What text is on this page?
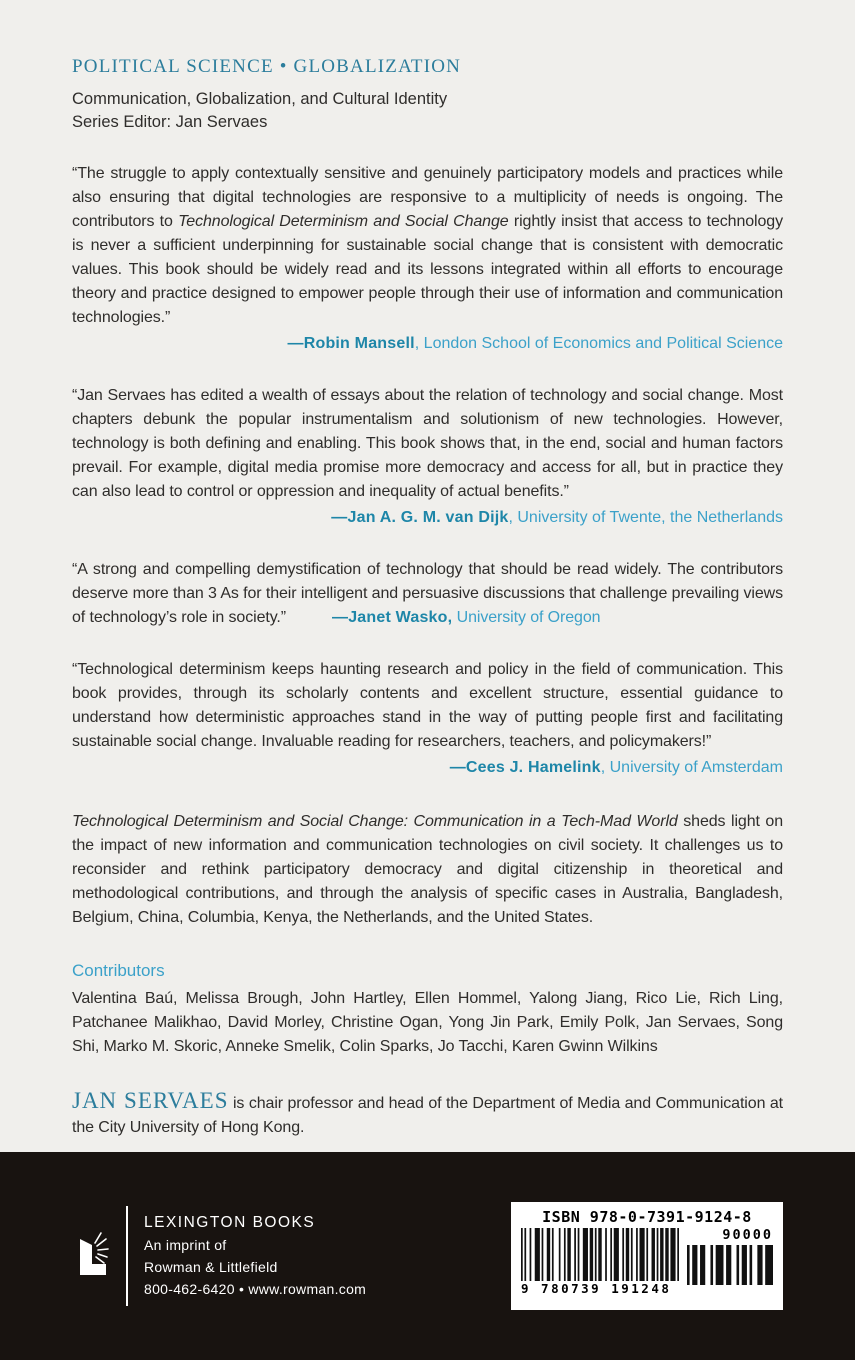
POLITICAL SCIENCE • GLOBALIZATION

Communication, Globalization, and Cultural Identity

Series Editor: Jan Servaes

“The struggle to apply contextually sensitive and genuinely participatory models and practices while also ensuring that digital technologies are responsive to a multiplicity of needs is ongoing. The contributors to Technological Determinism and Social Change rightly insist that access to technology is never a sufficient underpinning for sustainable social change that is consistent with democratic values. This book should be widely read and its lessons integrated within all efforts to encourage theory and practice designed to empower people through their use of information and communication technologies.”

—Robin Mansell, London School of Economics and Political Science

“Jan Servaes has edited a wealth of essays about the relation of technology and social change. Most chapters debunk the popular instrumentalism and solutionism of new technologies. However, technology is both defining and enabling. This book shows that, in the end, social and human factors prevail. For example, digital media promise more democracy and access for all, but in practice they can also lead to control or oppression and inequality of actual benefits.”

—Jan A. G. M. van Dijk, University of Twente, the Netherlands

“A strong and compelling demystification of technology that should be read widely. The contributors deserve more than 3 As for their intelligent and persuasive discussions that challenge prevailing views of technology’s role in society.”	—Janet Wasko, University of Oregon

“Technological determinism keeps haunting research and policy in the field of communication. This book provides, through its scholarly contents and excellent structure, essential guidance to understand how deterministic approaches stand in the way of putting people first and facilitating sustainable social change. Invaluable reading for researchers, teachers, and policymakers!”

—Cees J. Hamelink, University of Amsterdam

Technological Determinism and Social Change: Communication in a Tech-Mad World sheds light on the impact of new information and communication technologies on civil society. It challenges us to reconsider and rethink participatory democracy and digital citizenship in theoretical and methodological contributions, and through the analysis of specific cases in Australia, Bangladesh, Belgium, China, Columbia, Kenya, the Netherlands, and the United States.

Contributors

Valentina Baú, Melissa Brough, John Hartley, Ellen Hommel, Yalong Jiang, Rico Lie, Rich Ling, Patchanee Malikhao, David Morley, Christine Ogan, Yong Jin Park, Emily Polk, Jan Servaes, Song Shi, Marko M. Skoric, Anneke Smelik, Colin Sparks, Jo Tacchi, Karen Gwinn Wilkins

JAN SERVAES is chair professor and head of the Department of Media and Communication at the City University of Hong Kong.

LEXINGTON BOOKS
An imprint of
Rowman & Littlefield
800-462-6420 • www.rowman.com
ISBN 978-0-7391-9124-8
9 780739 191248
90000
